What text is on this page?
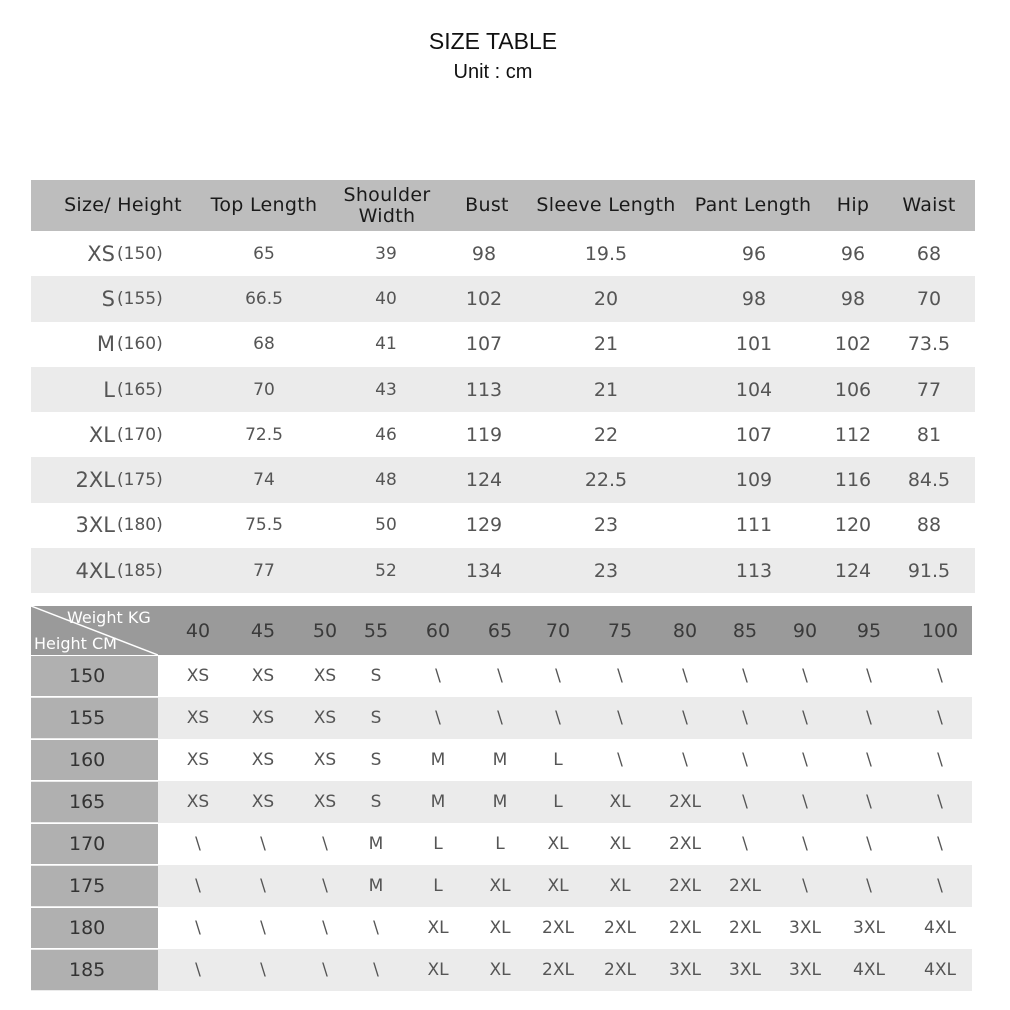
SIZE TABLE
Unit : cm
Size/ Height	Top Length	Shoulder
Width	Bust	Sleeve Length	Pant Length	Hip	Waist
XS (150)	65	39	98	19.5	96	96	68
S (155)	66.5	40	102	20	98	98	70
M (160)	68	41	107	21	101	102	73.5
L (165)	70	43	113	21	104	106	77
XL (170)	72.5	46	119	22	107	112	81
2XL (175)	74	48	124	22.5	109	116	84.5
3XL (180)	75.5	50	129	23	111	120	88
4XL (185)	77	52	134	23	113	124	91.5
Weight KG
Height CM
40	45	50	55	60	65	70	75	80	85	90	95	100
150	XS	XS	XS	S	\	\	\	\	\	\	\	\	\
155	XS	XS	XS	S	\	\	\	\	\	\	\	\	\
160	XS	XS	XS	S	M	M	L	\	\	\	\	\	\
165	XS	XS	XS	S	M	M	L	XL	2XL	\	\	\	\
170	\	\	\	M	L	L	XL	XL	2XL	\	\	\	\
175	\	\	\	M	L	XL	XL	XL	2XL	2XL	\	\	\
180	\	\	\	\	XL	XL	2XL	2XL	2XL	2XL	3XL	3XL	4XL
185	\	\	\	\	XL	XL	2XL	2XL	3XL	3XL	3XL	4XL	4XL
